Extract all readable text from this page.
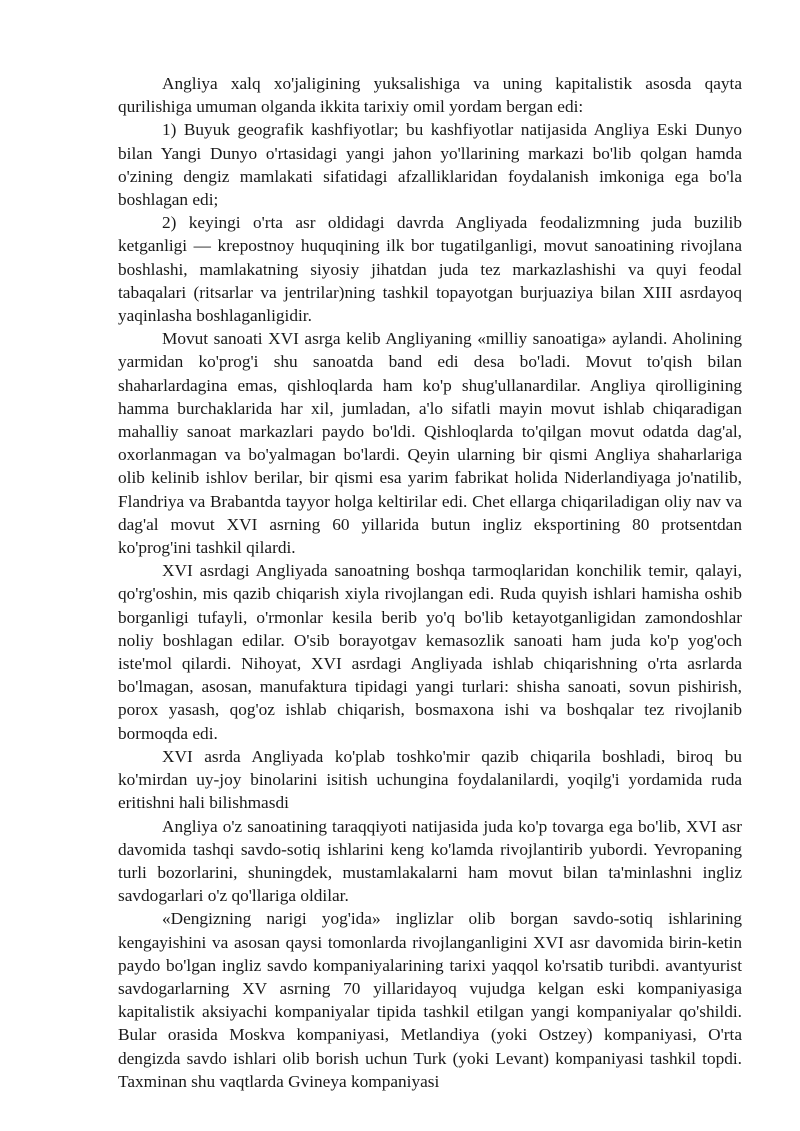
Angliya xalq xo'jaligining yuksalishiga va uning kapitalistik asosda qayta qurilishiga umuman olganda ikkita tarixiy omil yordam bergan edi:

1) Buyuk geografik kashfiyotlar; bu kashfiyotlar natijasida Angliya Eski Dunyo bilan Yangi Dunyo o'rtasidagi yangi jahon yo'llarining markazi bo'lib qolgan hamda o'zining dengiz mamlakati sifatidagi afzalliklaridan foydalanish imkoniga ega bo'la boshlagan edi;

2) keyingi o'rta asr oldidagi davrda Angliyada feodalizmning juda buzilib ketganligi — krepostnoy huquqining ilk bor tugatilganligi, movut sanoatining rivojlana boshlashi, mamlakatning siyosiy jihatdan juda tez markazlashishi va quyi feodal tabaqalari (ritsarlar va jentrilar)ning tashkil topayotgan burjuaziya bilan XIII asrdayoq yaqinlasha boshlaganligidir.

Movut sanoati XVI asrga kelib Angliyaning «milliy sanoatiga» aylandi. Aholining yarmidan ko'prog'i shu sanoatda band edi desa bo'ladi. Movut to'qish bilan shaharlardagina emas, qishloqlarda ham ko'p shug'ullanardilar. Angliya qirolligining hamma burchaklarida har xil, jumladan, a'lo sifatli mayin movut ishlab chiqaradigan mahalliy sanoat markazlari paydo bo'ldi. Qishloqlarda to'qilgan movut odatda dag'al, oxorlanmagan va bo'yalmagan bo'lardi. Qeyin ularning bir qismi Angliya shaharlariga olib kelinib ishlov berilar, bir qismi esa yarim fabrikat holida Niderlandiyaga jo'natilib, Flandriya va Brabantda tayyor holga keltirilar edi. Chet ellarga chiqariladigan oliy nav va dag'al movut XVI asrning 60 yillarida butun ingliz eksportining 80 protsentdan ko'prog'ini tashkil qilardi.

XVI asrdagi Angliyada sanoatning boshqa tarmoqlaridan konchilik temir, qalayi, qo'rg'oshin, mis qazib chiqarish xiyla rivojlangan edi. Ruda quyish ishlari hamisha oshib borganligi tufayli, o'rmonlar kesila berib yo'q bo'lib ketayotganligidan zamondoshlar noliy boshlagan edilar. O'sib borayotgav kemasozlik sanoati ham juda ko'p yog'och iste'mol qilardi. Nihoyat, XVI asrdagi Angliyada ishlab chiqarishning o'rta asrlarda bo'lmagan, asosan, manufaktura tipidagi yangi turlari: shisha sanoati, sovun pishirish, porox yasash, qog'oz ishlab chiqarish, bosmaxona ishi va boshqalar tez rivojlanib bormoqda edi.

XVI asrda Angliyada ko'plab toshko'mir qazib chiqarila boshladi, biroq bu ko'mirdan uy-joy binolarini isitish uchungina foydalanilardi, yoqilg'i yordamida ruda eritishni hali bilishmasdi

Angliya o'z sanoatining taraqqiyoti natijasida juda ko'p tovarga ega bo'lib, XVI asr davomida tashqi savdo-sotiq ishlarini keng ko'lamda rivojlantirib yubordi. Yevropaning turli bozorlarini, shuningdek, mustamlakalarni ham movut bilan ta'minlashni ingliz savdogarlari o'z qo'llariga oldilar.

«Dengizning narigi yog'ida» inglizlar olib borgan savdo-sotiq ishlarining kengayishini va asosan qaysi tomonlarda rivojlanganligini XVI asr davomida birin-ketin paydo bo'lgan ingliz savdo kompaniyalarining tarixi yaqqol ko'rsatib turibdi. avantyurist savdogarlarning XV asrning 70 yillaridayoq vujudga kelgan eski kompaniyasiga kapitalistik aksiyachi kompaniyalar tipida tashkil etilgan yangi kompaniyalar qo'shildi. Bular orasida Moskva kompaniyasi, Metlandiya (yoki Ostzey) kompaniyasi, O'rta dengizda savdo ishlari olib borish uchun Turk (yoki Levant) kompaniyasi tashkil topdi. Taxminan shu vaqtlarda Gvineya kompaniyasi
